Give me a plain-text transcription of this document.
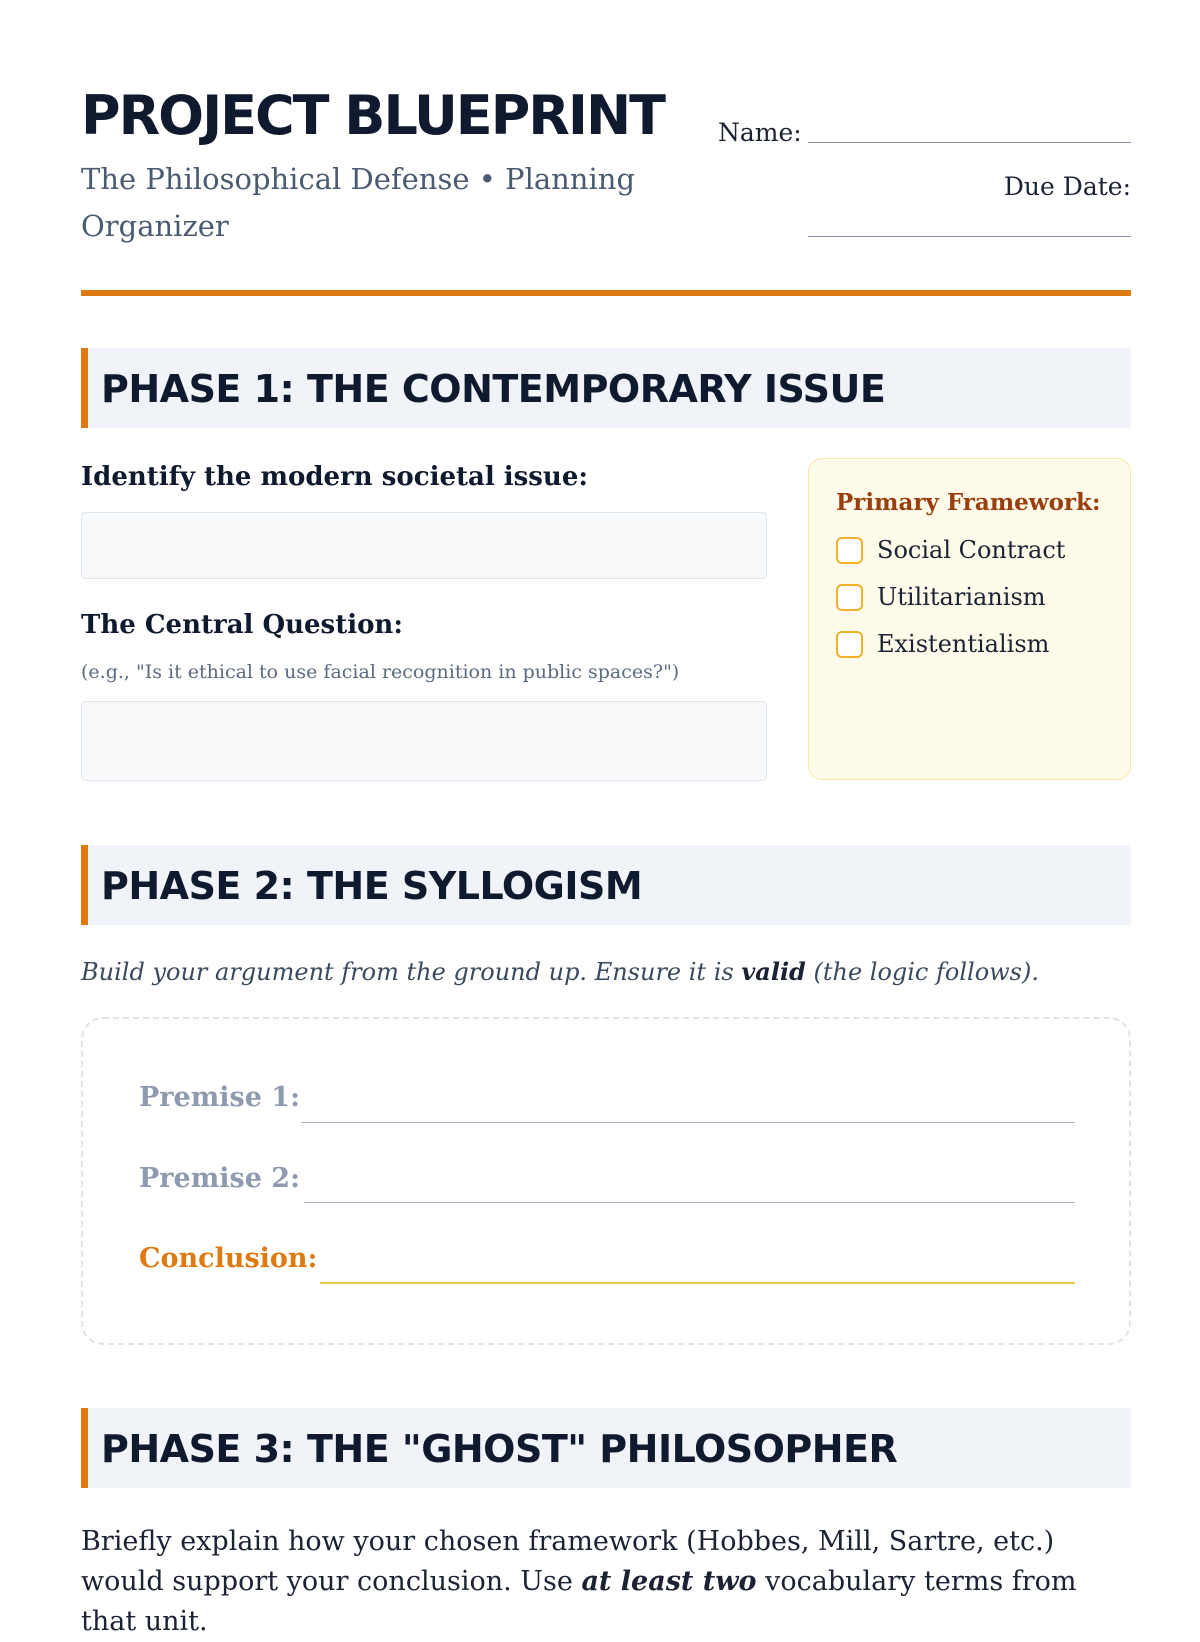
PROJECT BLUEPRINT
The Philosophical Defense • Planning Organizer
Name:
Due Date:
PHASE 1: THE CONTEMPORARY ISSUE
Identify the modern societal issue:
The Central Question:
(e.g., "Is it ethical to use facial recognition in public spaces?")
Primary Framework:
Social Contract
Utilitarianism
Existentialism
PHASE 2: THE SYLLOGISM
Build your argument from the ground up. Ensure it is valid (the logic follows).
Premise 1:
Premise 2:
Conclusion:
PHASE 3: THE "GHOST" PHILOSOPHER
Briefly explain how your chosen framework (Hobbes, Mill, Sartre, etc.) would support your conclusion. Use at least two vocabulary terms from that unit.
